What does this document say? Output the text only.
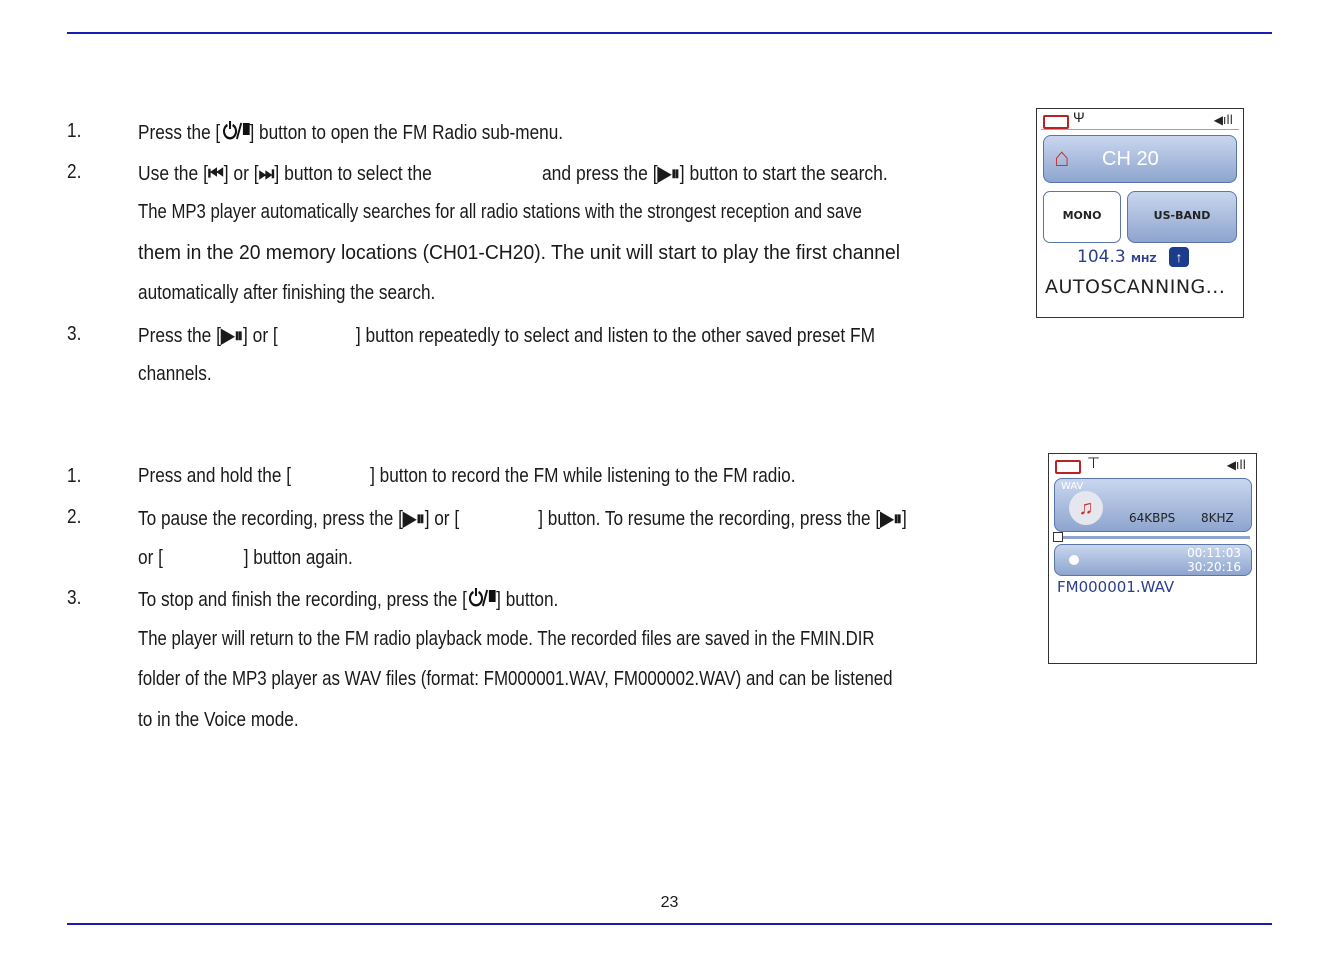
1.	Press the [ ] button to open the FM Radio sub-menu.
2.	Use the [⏮] or [⏭] button to select the	and press the [▶⏸] button to start the search.
The MP3 player automatically searches for all radio stations with the strongest reception and save
them in the 20 memory locations (CH01-CH20). The unit will start to play the first channel
automatically after finishing the search.
3.	Press the [▶⏸] or [	] button repeatedly to select and listen to the other saved preset FM
channels.
1.	Press and hold the [	] button to record the FM while listening to the FM radio.
2.	To pause the recording, press the [▶⏸] or [	] button. To resume the recording, press the [▶⏸]
or [	] button again.
3.	To stop and finish the recording, press the [ ] button.
The player will return to the FM radio playback mode. The recorded files are saved in the FMIN.DIR
folder of the MP3 player as WAV files (format: FM000001.WAV, FM000002.WAV) and can be listened
to in the Voice mode.
Ψ	◀ıll
⌂ CH 20
MONO	US-BAND
104.3 MHZ	↑
AUTOSCANNING...
⊤	◀ıll
WAV
♫	64KBPS 8KHZ
00:11:03
30:20:16
FM000001.WAV
23
